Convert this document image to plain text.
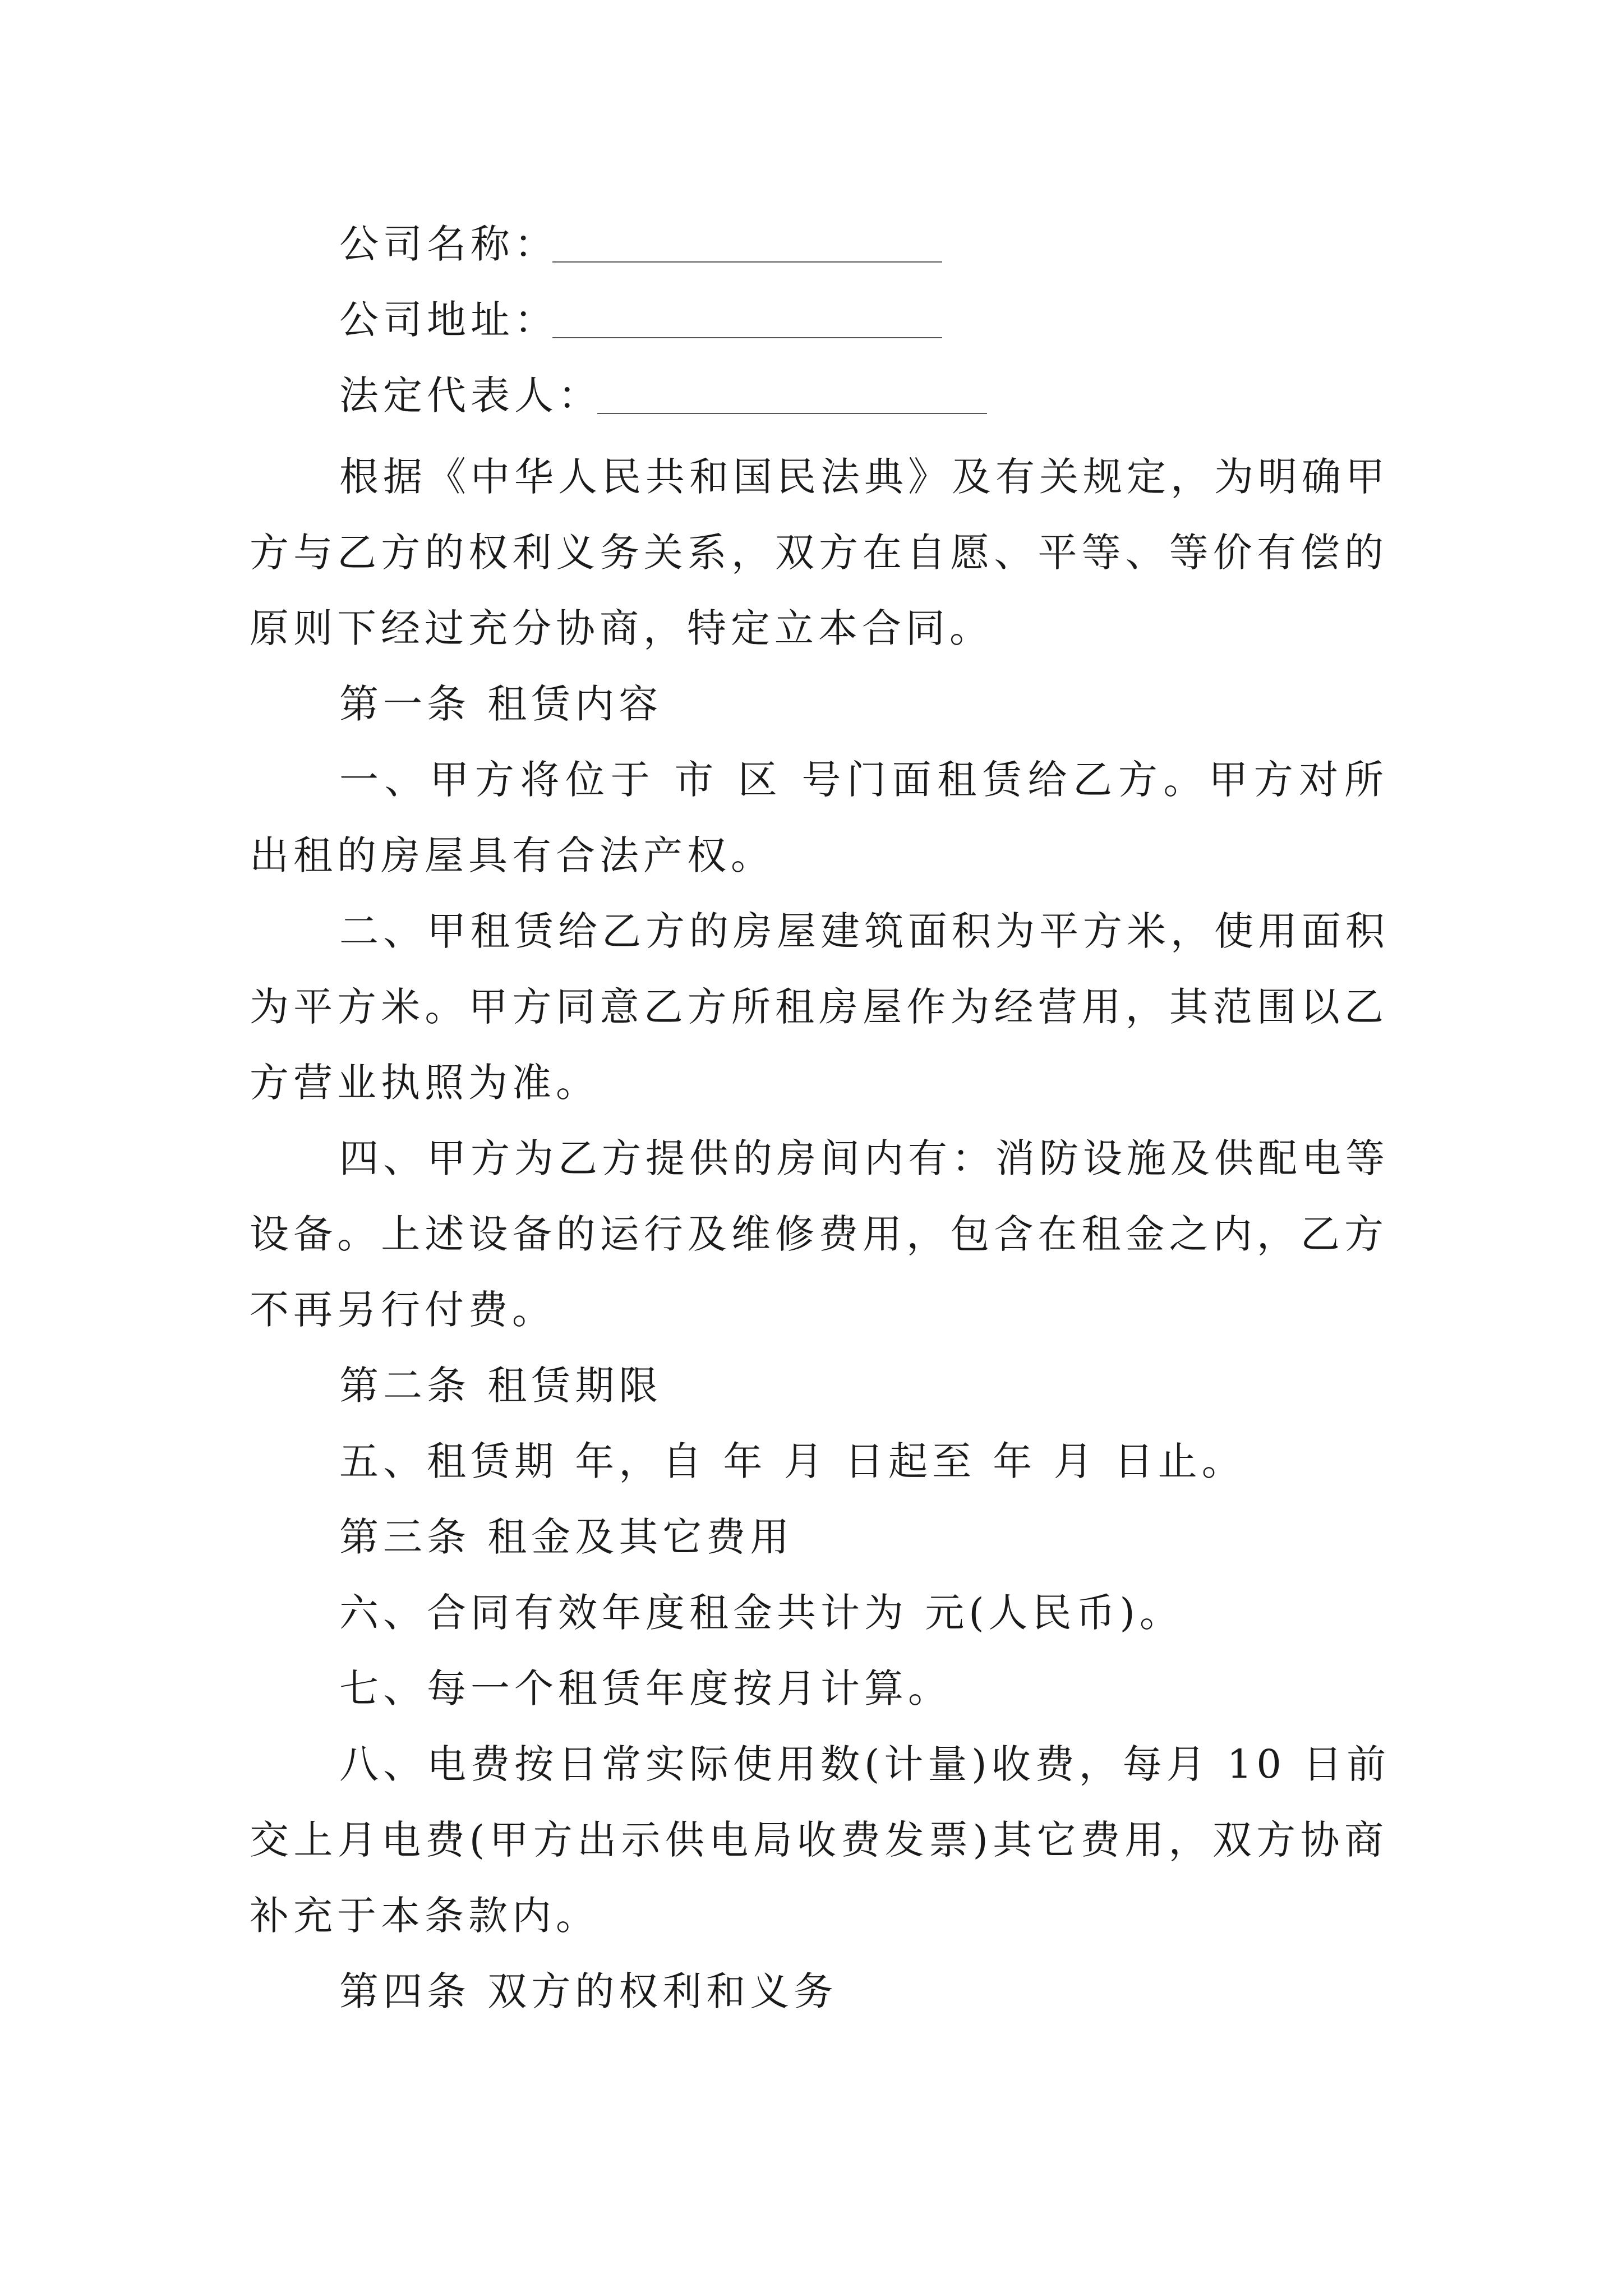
公司名称：
公司地址：
法定代表人：
根据《中华人民共和国民法典》及有关规定，为明确甲
方与乙方的权利义务关系，双方在自愿、平等、等价有偿的
原则下经过充分协商，特定立本合同。
第一条 租赁内容
一、甲方将位于 市 区 号门面租赁给乙方。甲方对所
出租的房屋具有合法产权。
二、甲租赁给乙方的房屋建筑面积为平方米，使用面积
为平方米。甲方同意乙方所租房屋作为经营用，其范围以乙
方营业执照为准。
四、甲方为乙方提供的房间内有：消防设施及供配电等
设备。上述设备的运行及维修费用，包含在租金之内，乙方
不再另行付费。
第二条 租赁期限
五、租赁期 年，自 年 月 日起至 年 月 日止。
第三条 租金及其它费用
六、合同有效年度租金共计为 元(人民币)。
七、每一个租赁年度按月计算。
八、电费按日常实际使用数(计量)收费，每月 10 日前
交上月电费(甲方出示供电局收费发票)其它费用，双方协商
补充于本条款内。
第四条 双方的权利和义务
